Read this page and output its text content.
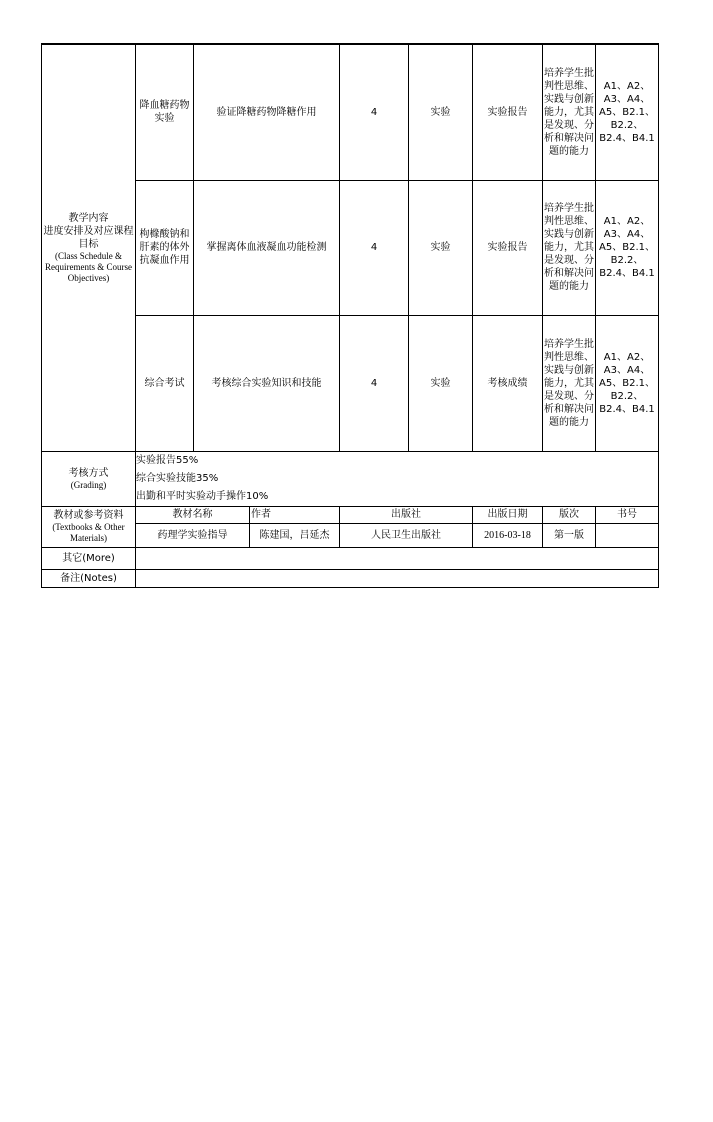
教学内容
进度安排及对应课程
目标
(Class Schedule & Requirements & Course Objectives)	降血糖药物实验	验证降糖药物降糖作用		4	实验	实验报告	培养学生批判性思维、实践与创新能力，尤其是发现、分析和解决问题的能力	A1、A2、A3、A4、A5、B2.1、B2.2、B2.4、B4.1
	枸橼酸钠和肝素的体外抗凝血作用	掌握离体血液凝血功能检测		4	实验	实验报告	培养学生批判性思维、实践与创新能力，尤其是发现、分析和解决问题的能力	A1、A2、A3、A4、A5、B2.1、B2.2、B2.4、B4.1
	综合考试	考核综合实验知识和技能		4	实验	考核成绩	培养学生批判性思维、实践与创新能力，尤其是发现、分析和解决问题的能力	A1、A2、A3、A4、A5、B2.1、B2.2、B2.4、B4.1

考核方式
(Grading)	实验报告55%
综合实验技能35%
出勤和平时实验动手操作10%							

教材或参考资料
(Textbooks & Other Materials)	教材名称		作者	出版社		出版日期	版次	书号
	药理学实验指导		陈建国，吕延杰	人民卫生出版社		2016-03-18	第一版	
其它(More)								
备注(Notes)								
